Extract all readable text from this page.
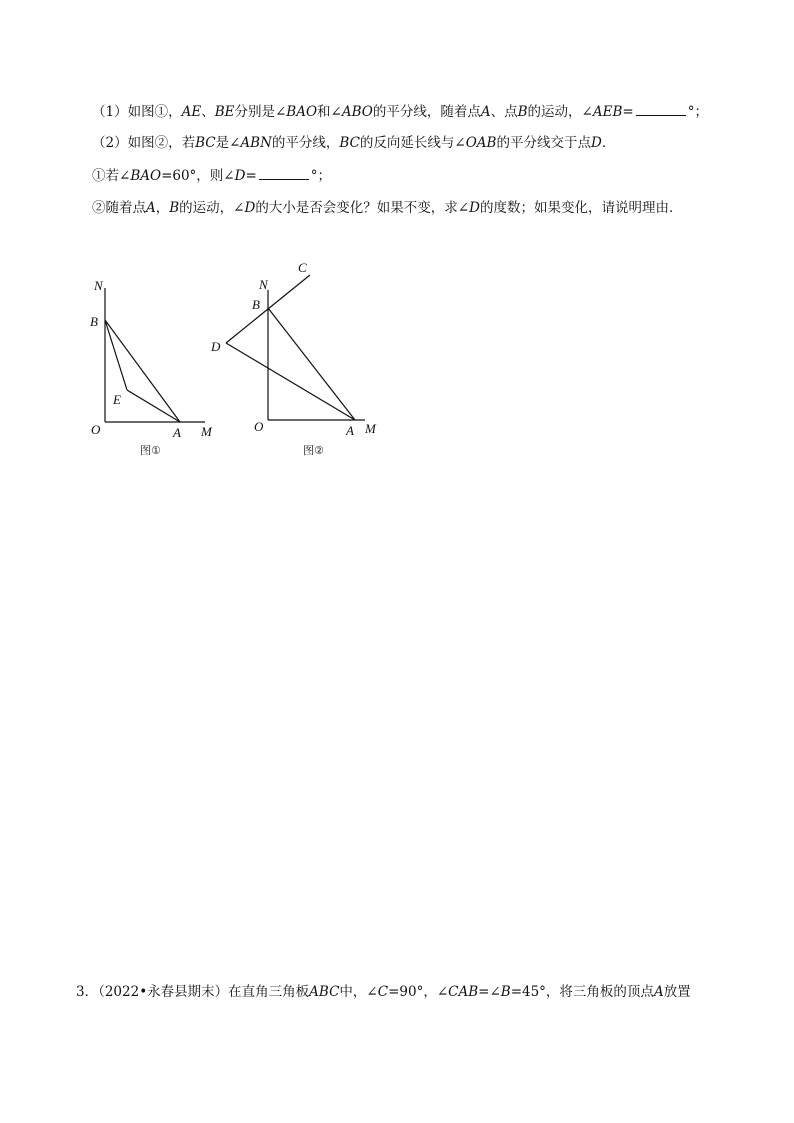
（1）如图①，AE、BE分别是∠BAO和∠ABO的平分线，随着点A、点B的运动，∠AEB=	°；
（2）如图②，若BC是∠ABN的平分线，BC的反向延长线与∠OAB的平分线交于点D．
①若∠BAO=60°，则∠D=	°；
②随着点A，B的运动，∠D的大小是否会变化？如果不变，求∠D的度数；如果变化，请说明理由．
N
B
E
O	A M
图①
N
C
B
D
O	A M
图②
3．（2022•永春县期末）在直角三角板ABC中，∠C=90°，∠CAB=∠B=45°，将三角板的顶点A放置
